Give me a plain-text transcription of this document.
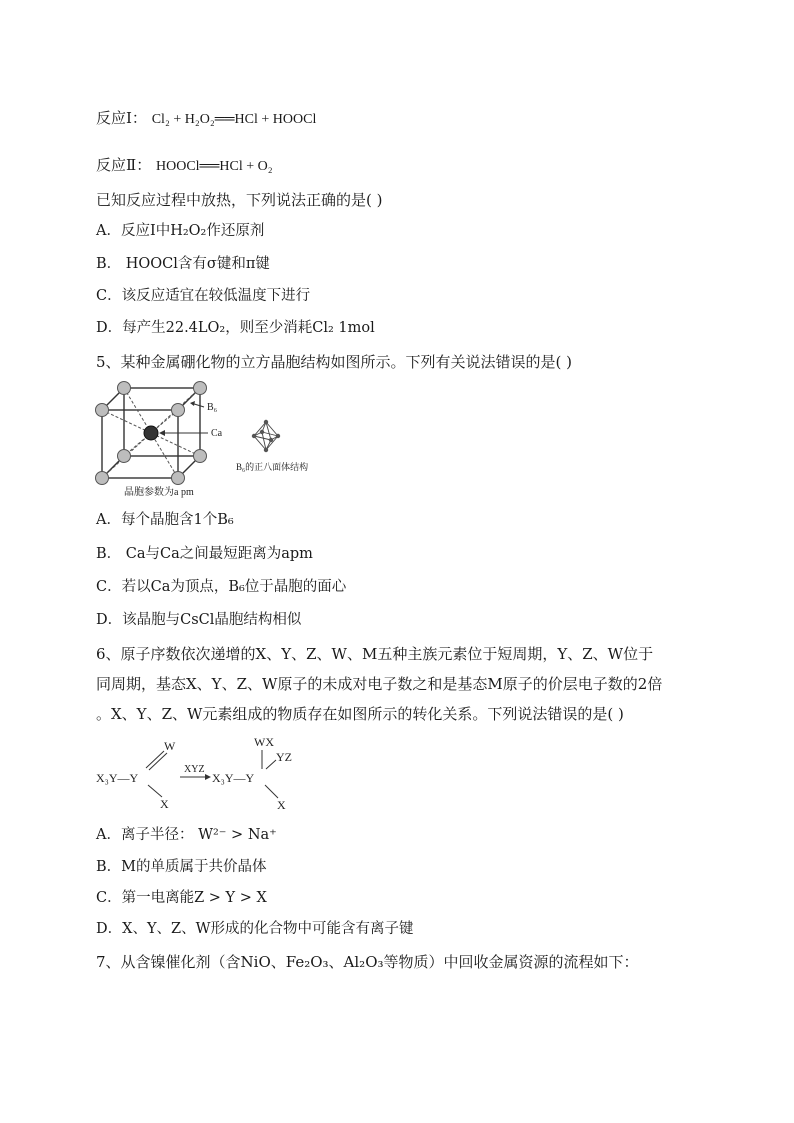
反应Ⅰ： Cl₂ + H₂O₂══HCl + HOOCl
反应Ⅱ： HOOCl══HCl + O₂
已知反应过程中放热，下列说法正确的是( )
A．反应Ⅰ中H₂O₂作还原剂
B． HOOCl含有σ键和π键
C．该反应适宜在较低温度下进行
D．每产生22.4LO₂，则至少消耗Cl₂ 1mol
5、某种金属硼化物的立方晶胞结构如图所示。下列有关说法错误的是( )
B₆
Ca
晶胞参数为a pm
B₆的正八面体结构
A．每个晶胞含1个B₆
B． Ca与Ca之间最短距离为apm
C．若以Ca为顶点，B₆位于晶胞的面心
D．该晶胞与CsCl晶胞结构相似
6、原子序数依次递增的X、Y、Z、W、M五种主族元素位于短周期，Y、Z、W位于
同周期，基态X、Y、Z、W原子的未成对电子数之和是基态M原子的价层电子数的2倍
。X、Y、Z、W元素组成的物质存在如图所示的转化关系。下列说法错误的是( )
X₃Y—Y
W
X
XYZ
X₃Y—Y
WX
YZ
X
A．离子半径： W²⁻ > Na⁺
B．M的单质属于共价晶体
C．第一电离能Z > Y > X
D．X、Y、Z、W形成的化合物中可能含有离子键
7、从含镍催化剂（含NiO、Fe₂O₃、Al₂O₃等物质）中回收金属资源的流程如下：
